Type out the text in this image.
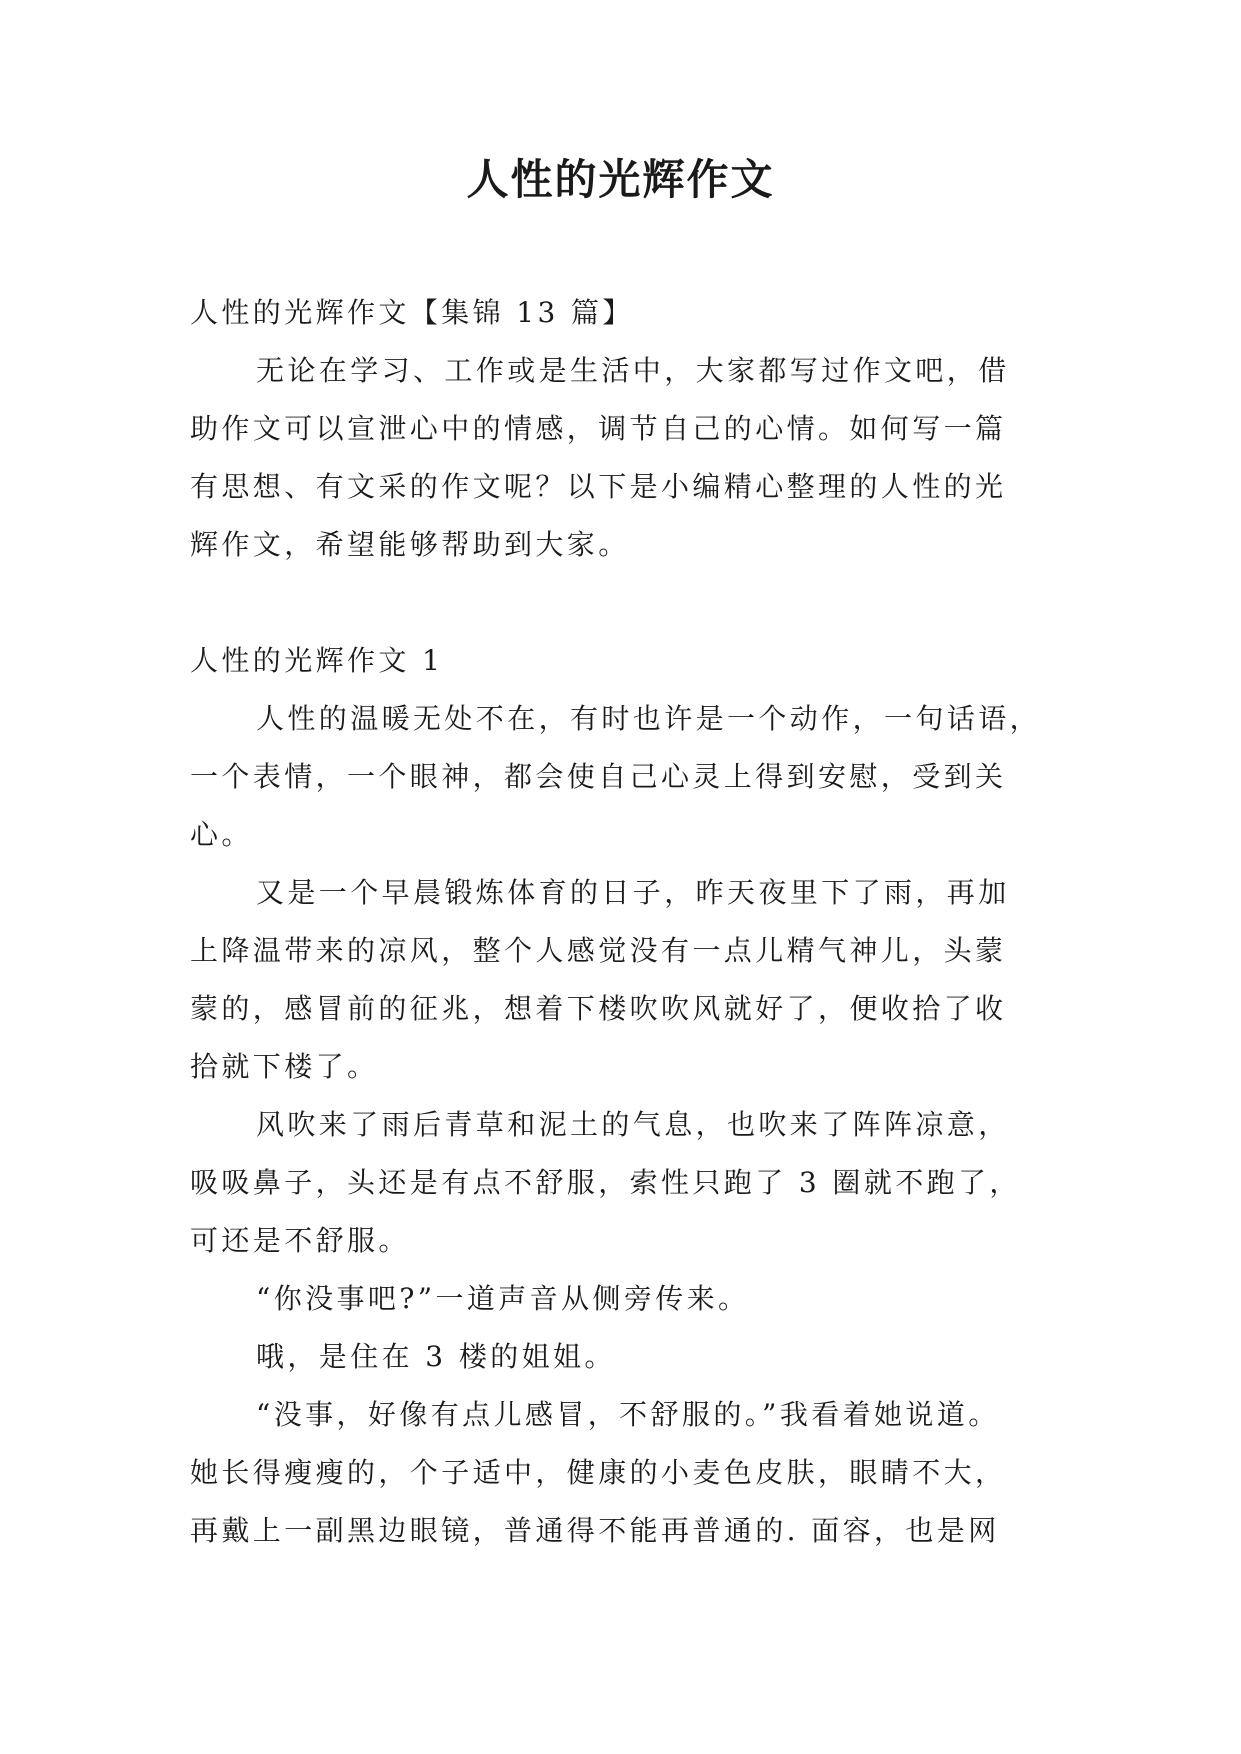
人性的光辉作文
人性的光辉作文【集锦 13 篇】
无论在学习、工作或是生活中，大家都写过作文吧，借
助作文可以宣泄心中的情感，调节自己的心情。如何写一篇
有思想、有文采的作文呢？以下是小编精心整理的人性的光
辉作文，希望能够帮助到大家。
人性的光辉作文 1
人性的温暖无处不在，有时也许是一个动作，一句话语，
一个表情，一个眼神，都会使自己心灵上得到安慰，受到关
心。
又是一个早晨锻炼体育的日子，昨天夜里下了雨，再加
上降温带来的凉风，整个人感觉没有一点儿精气神儿，头蒙
蒙的，感冒前的征兆，想着下楼吹吹风就好了，便收拾了收
拾就下楼了。
风吹来了雨后青草和泥土的气息，也吹来了阵阵凉意，
吸吸鼻子，头还是有点不舒服，索性只跑了 3 圈就不跑了，
可还是不舒服。
“你没事吧?”一道声音从侧旁传来。
哦，是住在 3 楼的姐姐。
“没事，好像有点儿感冒，不舒服的。”我看着她说道。
她长得瘦瘦的，个子适中，健康的小麦色皮肤，眼睛不大，
再戴上一副黑边眼镜，普通得不能再普通的. 面容，也是网
